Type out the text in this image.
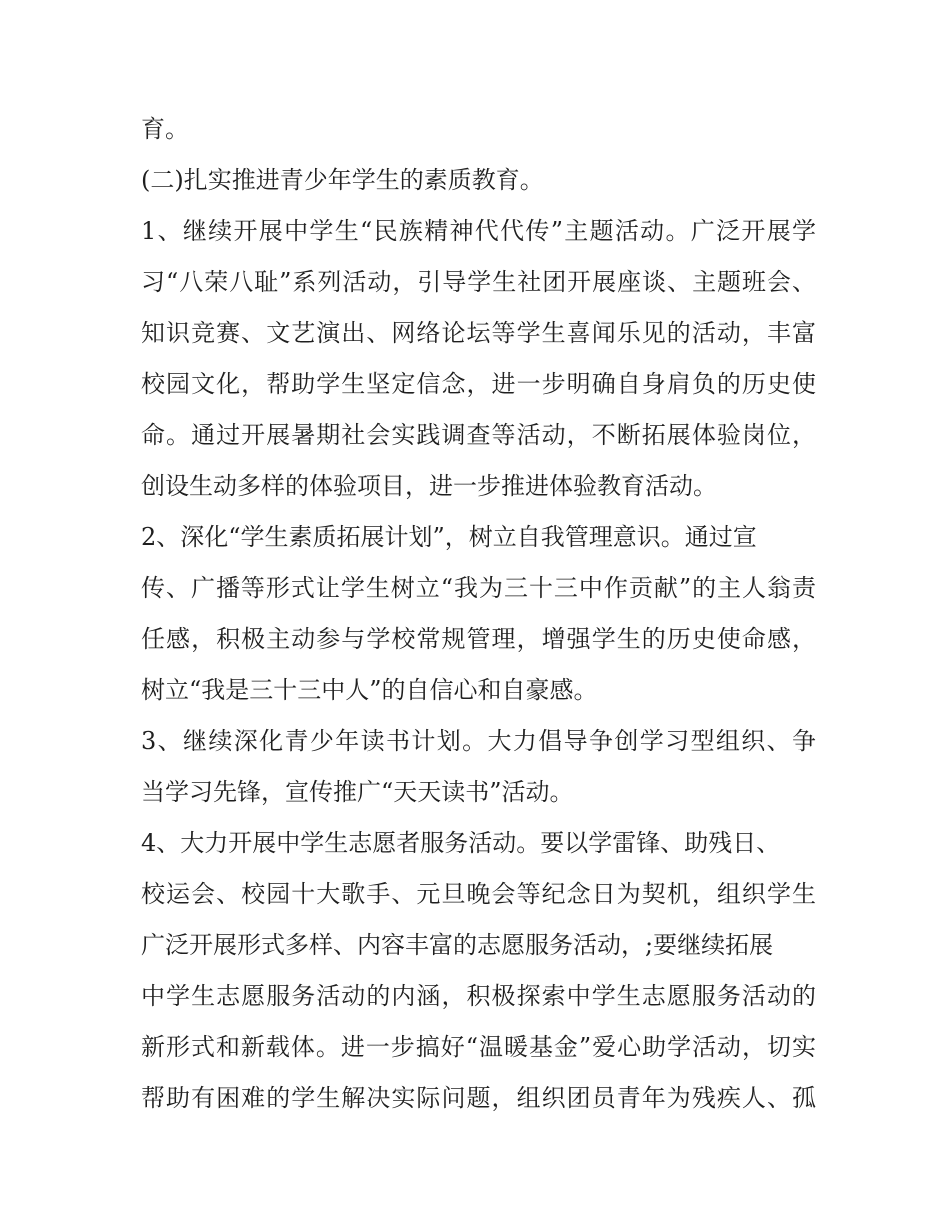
育。
(二)扎实推进青少年学生的素质教育。
1、继续开展中学生“民族精神代代传”主题活动。广泛开展学
习“八荣八耻”系列活动，引导学生社团开展座谈、主题班会、
知识竞赛、文艺演出、网络论坛等学生喜闻乐见的活动，丰富
校园文化，帮助学生坚定信念，进一步明确自身肩负的历史使
命。通过开展暑期社会实践调查等活动，不断拓展体验岗位，
创设生动多样的体验项目，进一步推进体验教育活动。
2、深化“学生素质拓展计划”，树立自我管理意识。通过宣
传、广播等形式让学生树立“我为三十三中作贡献”的主人翁责
任感，积极主动参与学校常规管理，增强学生的历史使命感，
树立“我是三十三中人”的自信心和自豪感。
3、继续深化青少年读书计划。大力倡导争创学习型组织、争
当学习先锋，宣传推广“天天读书”活动。
4、大力开展中学生志愿者服务活动。要以学雷锋、助残日、
校运会、校园十大歌手、元旦晚会等纪念日为契机，组织学生
广泛开展形式多样、内容丰富的志愿服务活动，;要继续拓展
中学生志愿服务活动的内涵，积极探索中学生志愿服务活动的
新形式和新载体。进一步搞好“温暖基金”爱心助学活动，切实
帮助有困难的学生解决实际问题，组织团员青年为残疾人、孤
